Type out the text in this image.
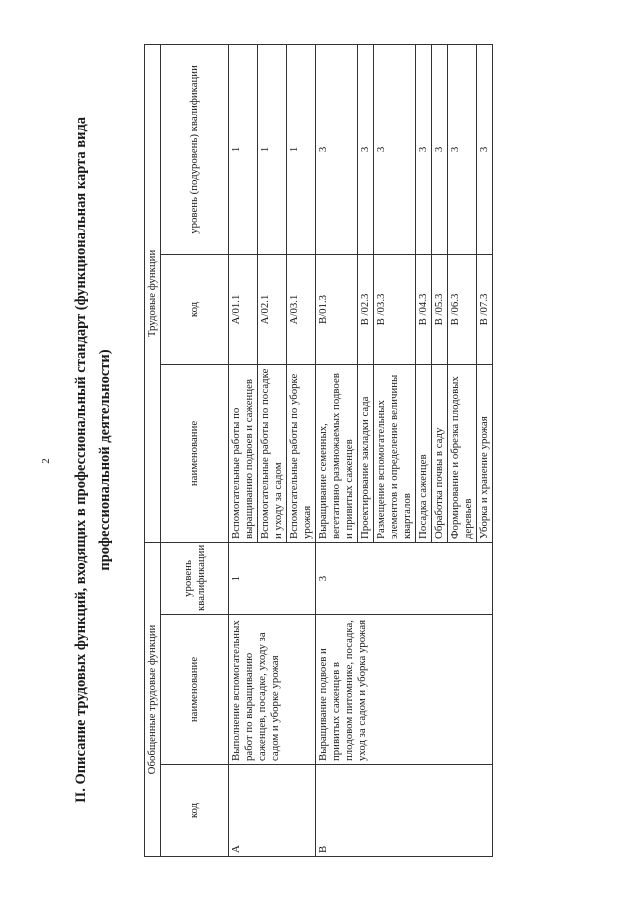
2 II. Описание трудовых функций, входящих в профессиональный стандарт (функциональная карта вида профессиональной деятельности)
Обобщенные трудовые функции			Трудовые функции		
код	наименование	уровень квалификации	наименование	код	уровень (подуровень) квалификации
A	Выполнение вспомогательных работ по выращиванию саженцев, посадке, уходу за садом и уборке урожая	1	Вспомогательные работы по выращиванию подвоев и саженцев	A/01.1	1
			Вспомогательные работы по посадке и уходу за садом	A/02.1	1
			Вспомогательные работы по уборке урожая	A/03.1	1
B	Выращивание подвоев и привитых саженцев в плодовом питомнике, посадка, уход за садом и уборка урожая	3	Выращивание семенных, вегетативно размножаемых подвоев и привитых саженцев	B/01.3	3
			Проектирование закладки сада	B /02.3	3
			Размещение вспомогательных элементов и определение величины кварталов	B /03.3	3
			Посадка саженцев	B /04.3	3
			Обработка почвы в саду	B /05.3	3
			Формирование и обрезка плодовых деревьев	B /06.3	3
			Уборка и хранение урожая	B /07.3	3
